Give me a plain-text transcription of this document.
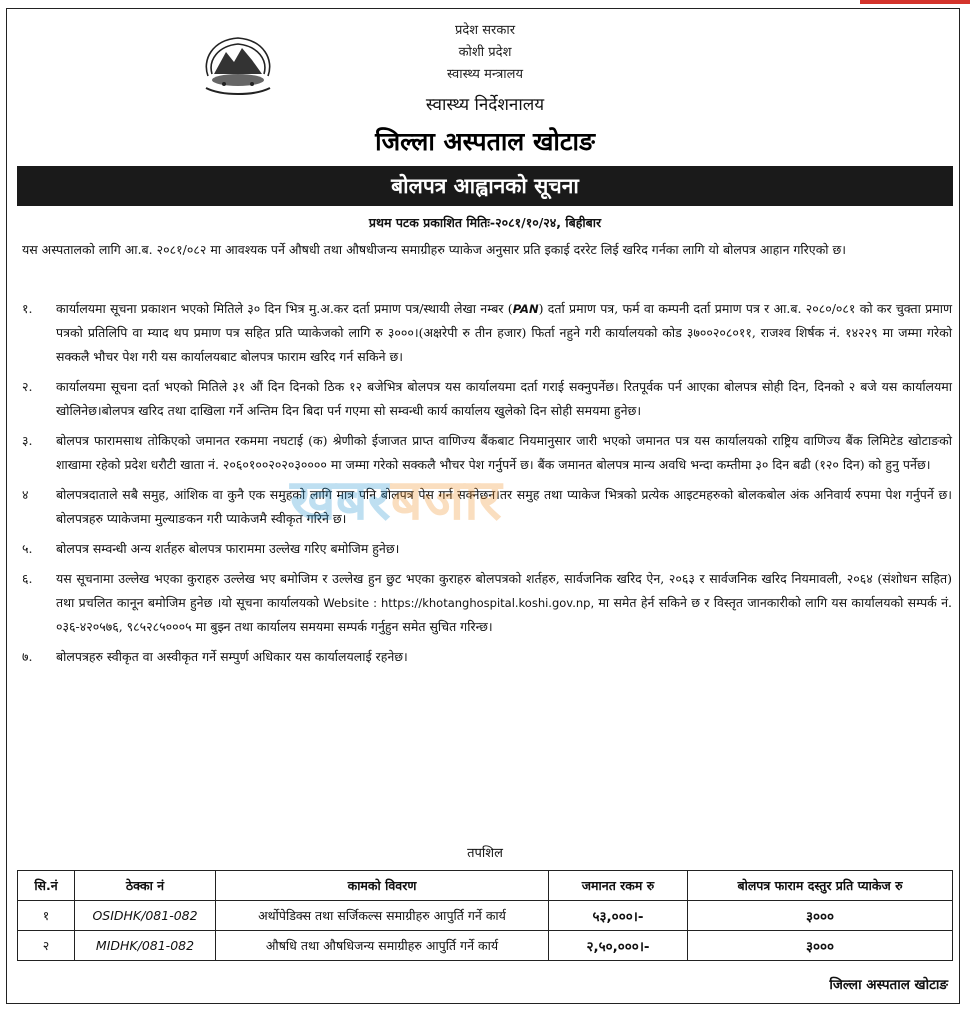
प्रदेश सरकार
कोशी प्रदेश
स्वास्थ्य मन्त्रालय
स्वास्थ्य निर्देशनालय
जिल्ला अस्पताल खोटाङ
बोलपत्र आह्वानको सूचना
प्रथम पटक प्रकाशित मितिः-२०८१/१०/२४, बिहीबार
यस अस्पतालको लागि आ.ब. २०८१/०८२ मा आवश्यक पर्ने औषधी तथा औषधीजन्य समाग्रीहरु प्याकेज अनुसार प्रति इकाई दररेट लिई खरिद गर्नका लागि यो बोलपत्र आहान गरिएको छ।
१.	कार्यालयमा सूचना प्रकाशन भएको मितिले ३० दिन भित्र मु.अ.कर दर्ता प्रमाण पत्र/स्थायी लेखा नम्बर (PAN) दर्ता प्रमाण पत्र, फर्म वा कम्पनी दर्ता प्रमाण पत्र र आ.ब. २०८०/०८१ को कर चुक्ता प्रमाण पत्रको प्रतिलिपि वा म्याद थप प्रमाण पत्र सहित प्रति प्याकेजको लागि रु ३०००।(अक्षरेपी रु तीन हजार) फिर्ता नहुने गरी कार्यालयको कोड ३७००२०८०११, राजश्व शिर्षक नं. १४२२९ मा जम्मा गरेको सक्कलै भौचर पेश गरी यस कार्यालयबाट बोलपत्र फाराम खरिद गर्न सकिने छ।
२.	कार्यालयमा सूचना दर्ता भएको मितिले ३१ औं दिन दिनको ठिक १२ बजेभित्र बोलपत्र यस कार्यालयमा दर्ता गराई सक्नुपर्नेछ। रितपूर्वक पर्न आएका बोलपत्र सोही दिन, दिनको २ बजे यस कार्यालयमा खोलिनेछ।बोलपत्र खरिद तथा दाखिला गर्ने अन्तिम दिन बिदा पर्न गएमा सो सम्वन्धी कार्य कार्यालय खुलेको दिन सोही समयमा हुनेछ।
३.	बोलपत्र फारामसाथ तोकिएको जमानत रकममा नघटाई (क) श्रेणीको ईजाजत प्राप्त वाणिज्य बैंकबाट नियमानुसार जारी भएको जमानत पत्र यस कार्यालयको राष्ट्रिय वाणिज्य बैंक लिमिटेड खोटाङको शाखामा रहेको प्रदेश धरौटी खाता नं. २०६०१००२०२०३०००० मा जम्मा गरेको सक्कलै भौचर पेश गर्नुपर्ने छ। बैंक जमानत बोलपत्र मान्य अवधि भन्दा कम्तीमा ३० दिन बढी (१२० दिन) को हुनु पर्नेछ।
४	बोलपत्रदाताले सबै समुह, आंशिक वा कुनै एक समुहको लागि मात्र पनि बोलपत्र पेस गर्न सक्नेछन।तर समुह तथा प्याकेज भित्रको प्रत्येक आइटमहरुको बोलकबोल अंक अनिवार्य रुपमा पेश गर्नुपर्ने छ।बोलपत्रहरु प्याकेजमा मुल्याङकन गरी प्याकेजमै स्वीकृत गरिने छ।
५.	बोलपत्र सम्वन्धी अन्य शर्तहरु बोलपत्र फाराममा उल्लेख गरिए बमोजिम हुनेछ।
६.	यस सूचनामा उल्लेख भएका कुराहरु उल्लेख भए बमोजिम र उल्लेख हुन छुट भएका कुराहरु बोलपत्रको शर्तहरु, सार्वजनिक खरिद ऐन, २०६३ र सार्वजनिक खरिद नियमावली, २०६४ (संशोधन सहित) तथा प्रचलित कानून बमोजिम हुनेछ ।यो सूचना कार्यालयको Website : https://khotanghospital.koshi.gov.np, मा समेत हेर्न सकिने छ र विस्तृत जानकारीको लागि यस कार्यालयको सम्पर्क नं. ०३६-४२०५७६, ९८५२८५०००५ मा बुझ्न तथा कार्यालय समयमा सम्पर्क गर्नुहुन समेत सुचित गरिन्छ।
७.	बोलपत्रहरु स्वीकृत वा अस्वीकृत गर्ने सम्पुर्ण अधिकार यस कार्यालयलाई रहनेछ।
खबरबजार
तपशिल
सि.नं	ठेक्का नं	कामको विवरण	जमानत रकम रु	बोलपत्र फाराम दस्तुर प्रति प्याकेज रु
१	OSIDHK/081-082	अर्थोपेडिक्स तथा सर्जिकल्स समाग्रीहरु आपुर्ति गर्ने कार्य	५३,०००।-	३०००
२	MIDHK/081-082	औषधि तथा औषधिजन्य समाग्रीहरु आपुर्ति गर्ने कार्य	२,५०,०००।-	३०००
जिल्ला अस्पताल खोटाङ
